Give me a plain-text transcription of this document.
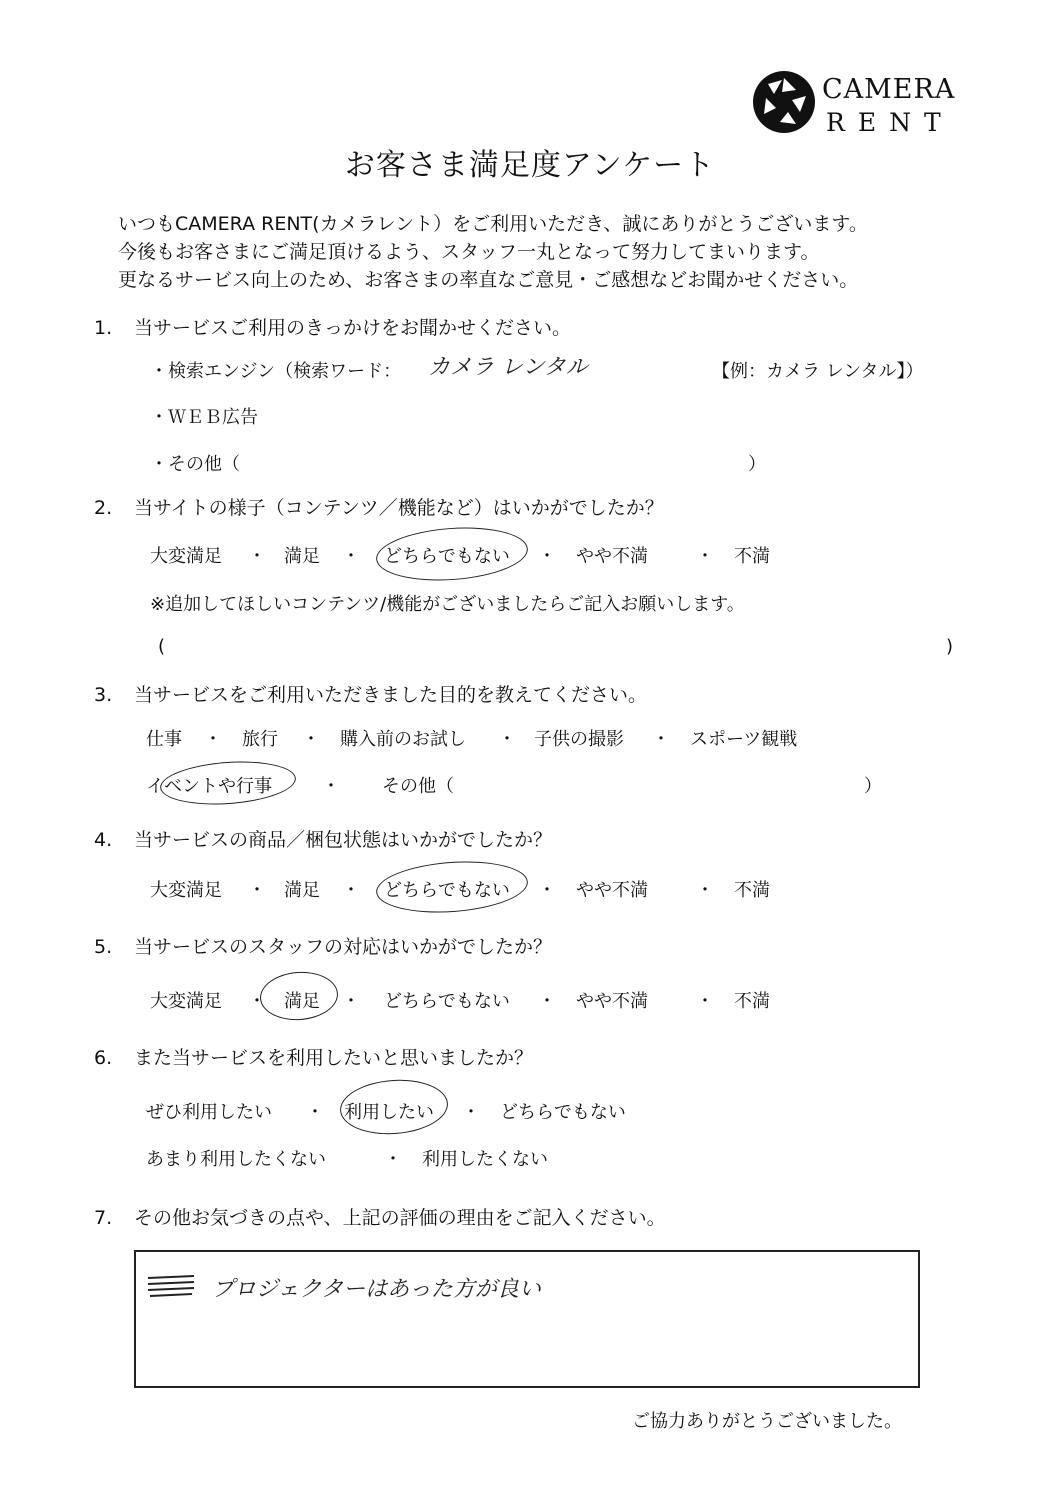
CAMERA
RENT
お客さま満足度アンケート
いつもCAMERA RENT(カメラレント）をご利用いただき、誠にありがとうございます。
今後もお客さまにご満足頂けるよう、スタッフ一丸となって努力してまいります。
更なるサービス向上のため、お客さまの率直なご意見・ご感想などお聞かせください。
1. 当サービスご利用のきっかけをお聞かせください。
・検索エンジン（検索ワード： カメラ レンタル	【例：カメラ レンタル】）
・ＷＥＢ広告
・その他（	）
2. 当サイトの様子（コンテンツ／機能など）はいかがでしたか？
大変満足 ・ 満足 ・ どちらでもない ・ やや不満	・ 不満
※追加してほしいコンテンツ/機能がございましたらご記入お願いします。
(	)
3. 当サービスをご利用いただきました目的を教えてください。
仕事 ・ 旅行 ・ 購入前のお試し ・ 子供の撮影 ・ スポーツ観戦
イベントや行事	・ その他（	）
4. 当サービスの商品／梱包状態はいかがでしたか？
大変満足 ・ 満足 ・ どちらでもない ・ やや不満	・ 不満
5. 当サービスのスタッフの対応はいかがでしたか？
大変満足 ・ 満足 ・ どちらでもない ・ やや不満	・ 不満
6. また当サービスを利用したいと思いましたか？
ぜひ利用したい ・ 利用したい ・ どちらでもない
あまり利用したくない	・ 利用したくない
7. その他お気づきの点や、上記の評価の理由をご記入ください。
プロジェクターはあった方が良い
ご協力ありがとうございました。
